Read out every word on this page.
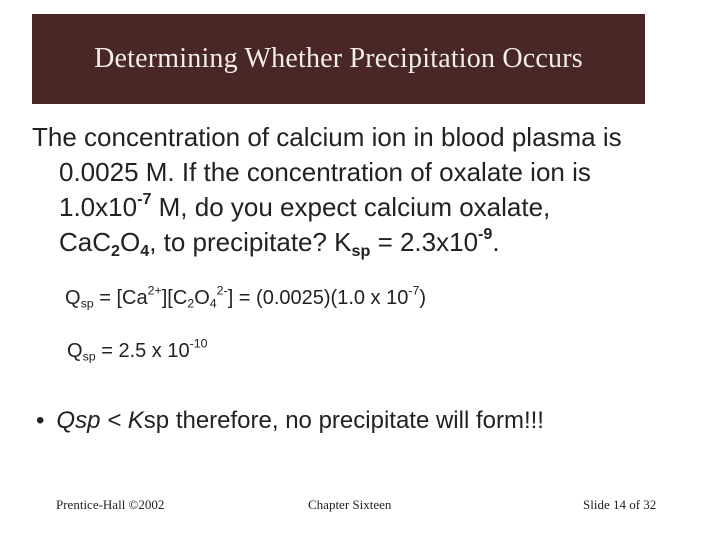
Determining Whether Precipitation Occurs
The concentration of calcium ion in blood plasma is
0.0025 M. If the concentration of oxalate ion is
$1.0x10^{-7}$ M, do you expect calcium oxalate,
$CaC_2O_4$, to precipitate? $K_{sp} = 2.3x10^{-9}$.
$Q_{sp} = [Ca^{2+}][C_2O_4^{2-}] = (0.0025)(1.0$ x $10^{-7}$)
$Q_{sp} = 2.5$ x $10^{-10}$
• Qsp < Ksp therefore, no precipitate will form!!!
Prentice-Hall ©2002	Chapter Sixteen	Slide 14 of 32
